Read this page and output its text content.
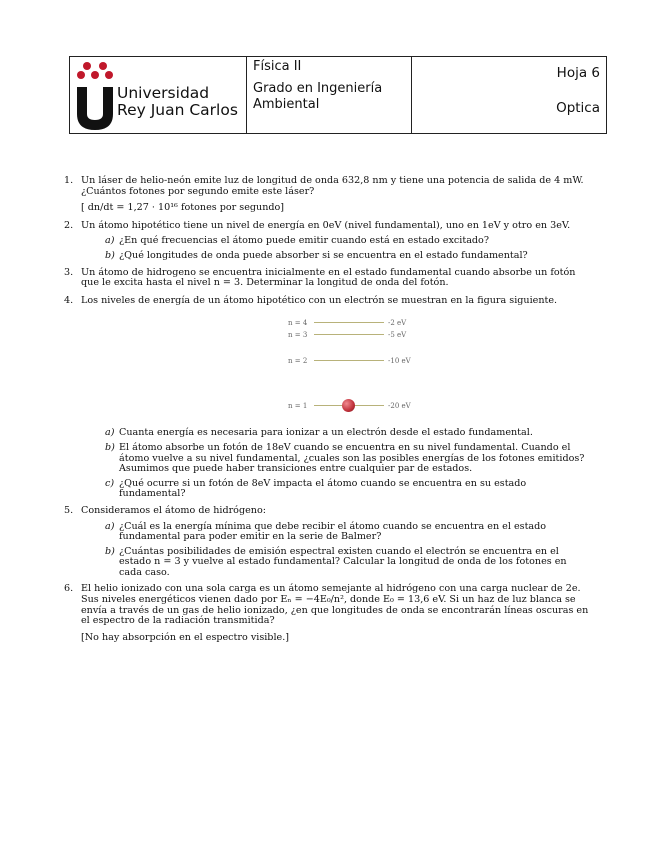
Universidad
Rey Juan Carlos
Física II
Grado en Ingeniería Ambiental
Hoja 6
Optica
1. Un láser de helio-neón emite luz de longitud de onda 632,8 nm y tiene una potencia de salida de 4 mW. ¿Cuántos fotones por segundo emite este láser?

[ dn/dt = 1,27 · 10¹⁶ fotones por segundo]

2. Un átomo hipotético tiene un nivel de energía en 0eV (nivel fundamental), uno en 1eV y otro en 3eV.

a) ¿En qué frecuencias el átomo puede emitir cuando está en estado excitado?
b) ¿Qué longitudes de onda puede absorber si se encuentra en el estado fundamental?
3. Un átomo de hidrogeno se encuentra inicialmente en el estado fundamental cuando absorbe un fotón que le excita hasta el nivel n = 3. Determinar la longitud de onda del fotón.

4. Los niveles de energía de un átomo hipotético con un electrón se muestran en la figura siguiente.

n = 4	-2 eV
n = 3	-5 eV
n = 2	-10 eV
n = 1	-20 eV
a) Cuanta energía es necesaria para ionizar a un electrón desde el estado fundamental.
b) El átomo absorbe un fotón de 18eV cuando se encuentra en su nivel fundamental. Cuando el átomo vuelve a su nivel fundamental, ¿cuales son las posibles energías de los fotones emitidos? Asumimos que puede haber transiciones entre cualquier par de estados.
c) ¿Qué ocurre si un fotón de 8eV impacta el átomo cuando se encuentra en su estado fundamental?
5. Consideramos el átomo de hidrógeno:

a) ¿Cuál es la energía mínima que debe recibir el átomo cuando se encuentra en el estado fundamental para poder emitir en la serie de Balmer?
b) ¿Cuántas posibilidades de emisión espectral existen cuando el electrón se encuentra en el estado n = 3 y vuelve al estado fundamental? Calcular la longitud de onda de los fotones en cada caso.
6. El helio ionizado con una sola carga es un átomo semejante al hidrógeno con una carga nuclear de 2e. Sus niveles energéticos vienen dado por Eₙ = −4E₀/n², donde E₀ = 13,6 eV. Si un haz de luz blanca se envía a través de un gas de helio ionizado, ¿en que longitudes de onda se encontrarán líneas oscuras en el espectro de la radiación transmitida?

[No hay absorpción en el espectro visible.]
